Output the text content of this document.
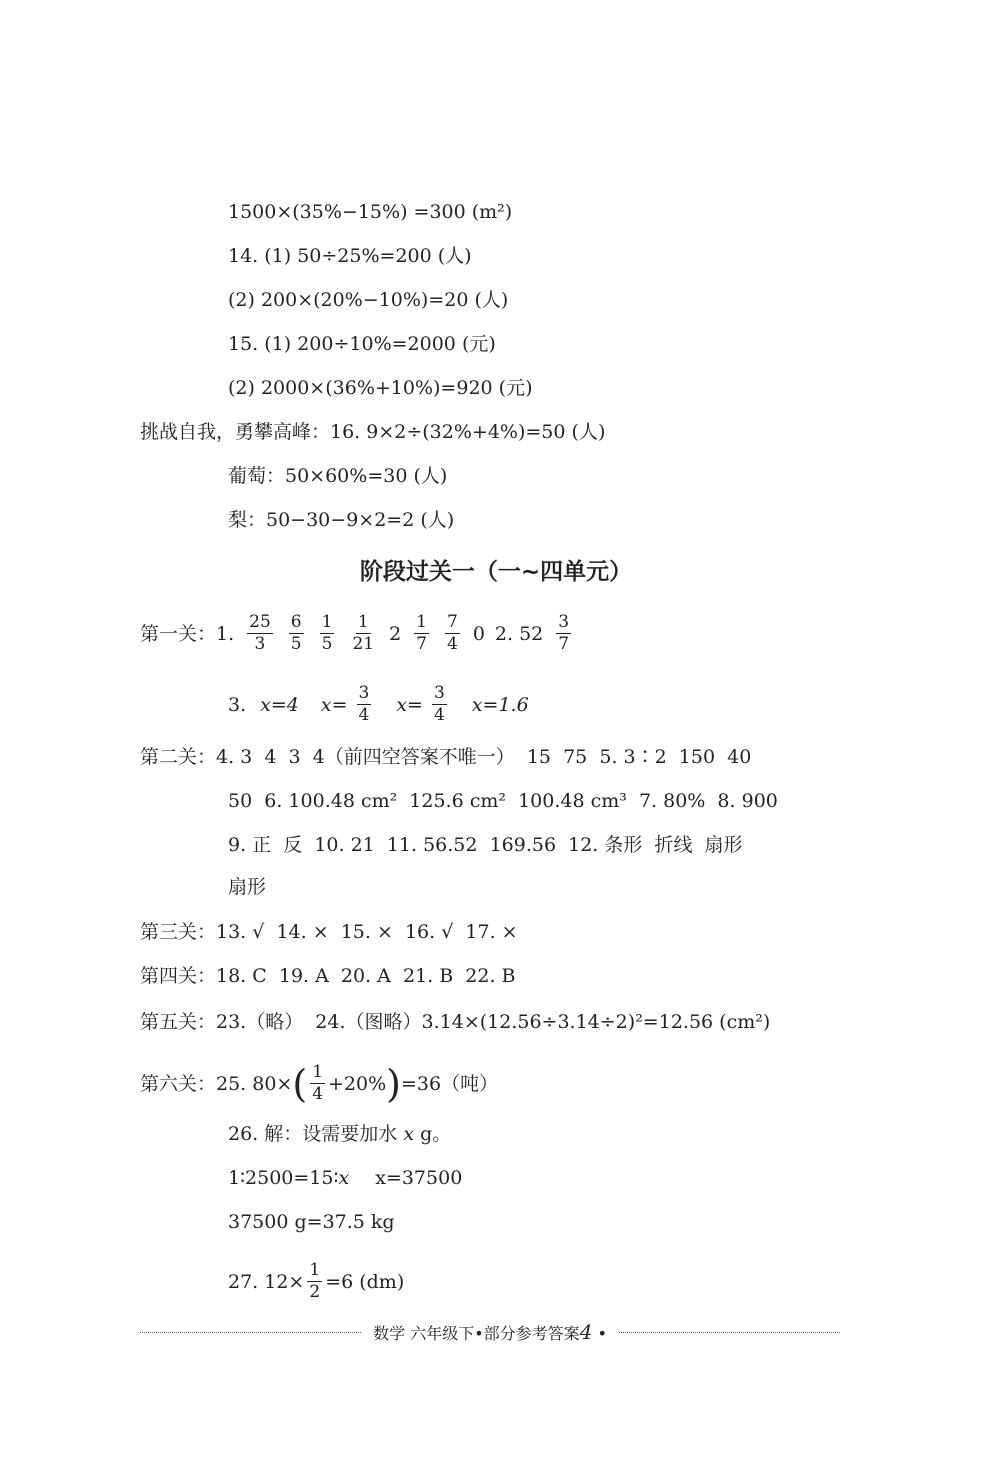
1500×(35%−15%) =300 (m²)
14. (1) 50÷25%=200 (人)
(2) 200×(20%−10%)=20 (人)
15. (1) 200÷10%=2000 (元)
(2) 2000×(36%+10%)=920 (元)
挑战自我，勇攀高峰：16. 9×2÷(32%+4%)=50 (人)
葡萄：50×60%=30 (人)
梨：50−30−9×2=2 (人)
阶段过关一（一~四单元）
第一关：1. $\frac{25}{3} \frac{6}{5} \frac{1}{5} \frac{1}{21} 2 \frac{1}{7} \frac{7}{4} 0$ 2. $52 \frac{3}{7}$
3. x=4 $x= \frac{3}{4} x= \frac{3}{4} x=1.6$
第二关：4. 3  4  3  4（前四空答案不唯一）  15  75  5. 3∶2  150  40
50  6. 100.48 cm²  125.6 cm²  100.48 cm³  7. 80%  8. 900
9. 正  反  10. 21  11. 56.52  169.56  12. 条形  折线  扇形
扇形
第三关：13. √  14. ×  15. ×  16. √  17. ×
第四关：18. C  19. A  20. A  21. B  22. B
第五关：23.（略）  24.（图略）3.14×(12.56÷3.14÷2)²=12.56 (cm²)
第六关：25. 80× ( $\frac{1}{4} +20\%$ ) =36（吨）
26. 解：设需要加水 x g。
1∶2500=15∶x x=37500
37500 g=37.5 kg
27. $12\times \frac{1}{2} =6$ (dm)
数学 六年级下•部分参考答案4 •
